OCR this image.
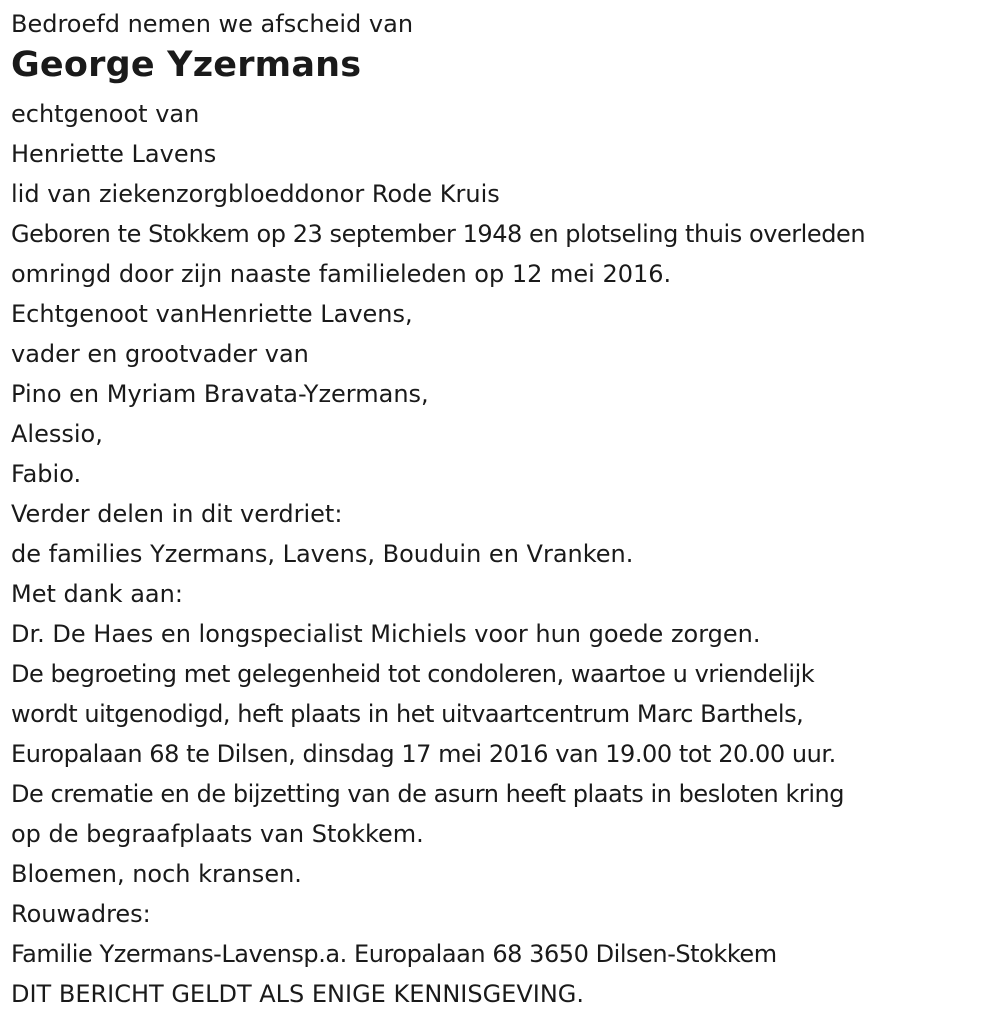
Bedroefd nemen we afscheid van
George Yzermans
echtgenoot van
Henriette Lavens
lid van ziekenzorgbloeddonor Rode Kruis
Geboren te Stokkem op 23 september 1948 en plotseling thuis overleden
omringd door zijn naaste familieleden op 12 mei 2016.
Echtgenoot vanHenriette Lavens,
vader en grootvader van
Pino en Myriam Bravata-Yzermans,
Alessio,
Fabio.
Verder delen in dit verdriet:
de families Yzermans, Lavens, Bouduin en Vranken.
Met dank aan:
Dr. De Haes en longspecialist Michiels voor hun goede zorgen.
De begroeting met gelegenheid tot condoleren, waartoe u vriendelijk
wordt uitgenodigd, heft plaats in het uitvaartcentrum Marc Barthels,
Europalaan 68 te Dilsen, dinsdag 17 mei 2016 van 19.00 tot 20.00 uur.
De crematie en de bijzetting van de asurn heeft plaats in besloten kring
op de begraafplaats van Stokkem.
Bloemen, noch kransen.
Rouwadres:
Familie Yzermans-Lavensp.a. Europalaan 68 3650 Dilsen-Stokkem
DIT BERICHT GELDT ALS ENIGE KENNISGEVING.
